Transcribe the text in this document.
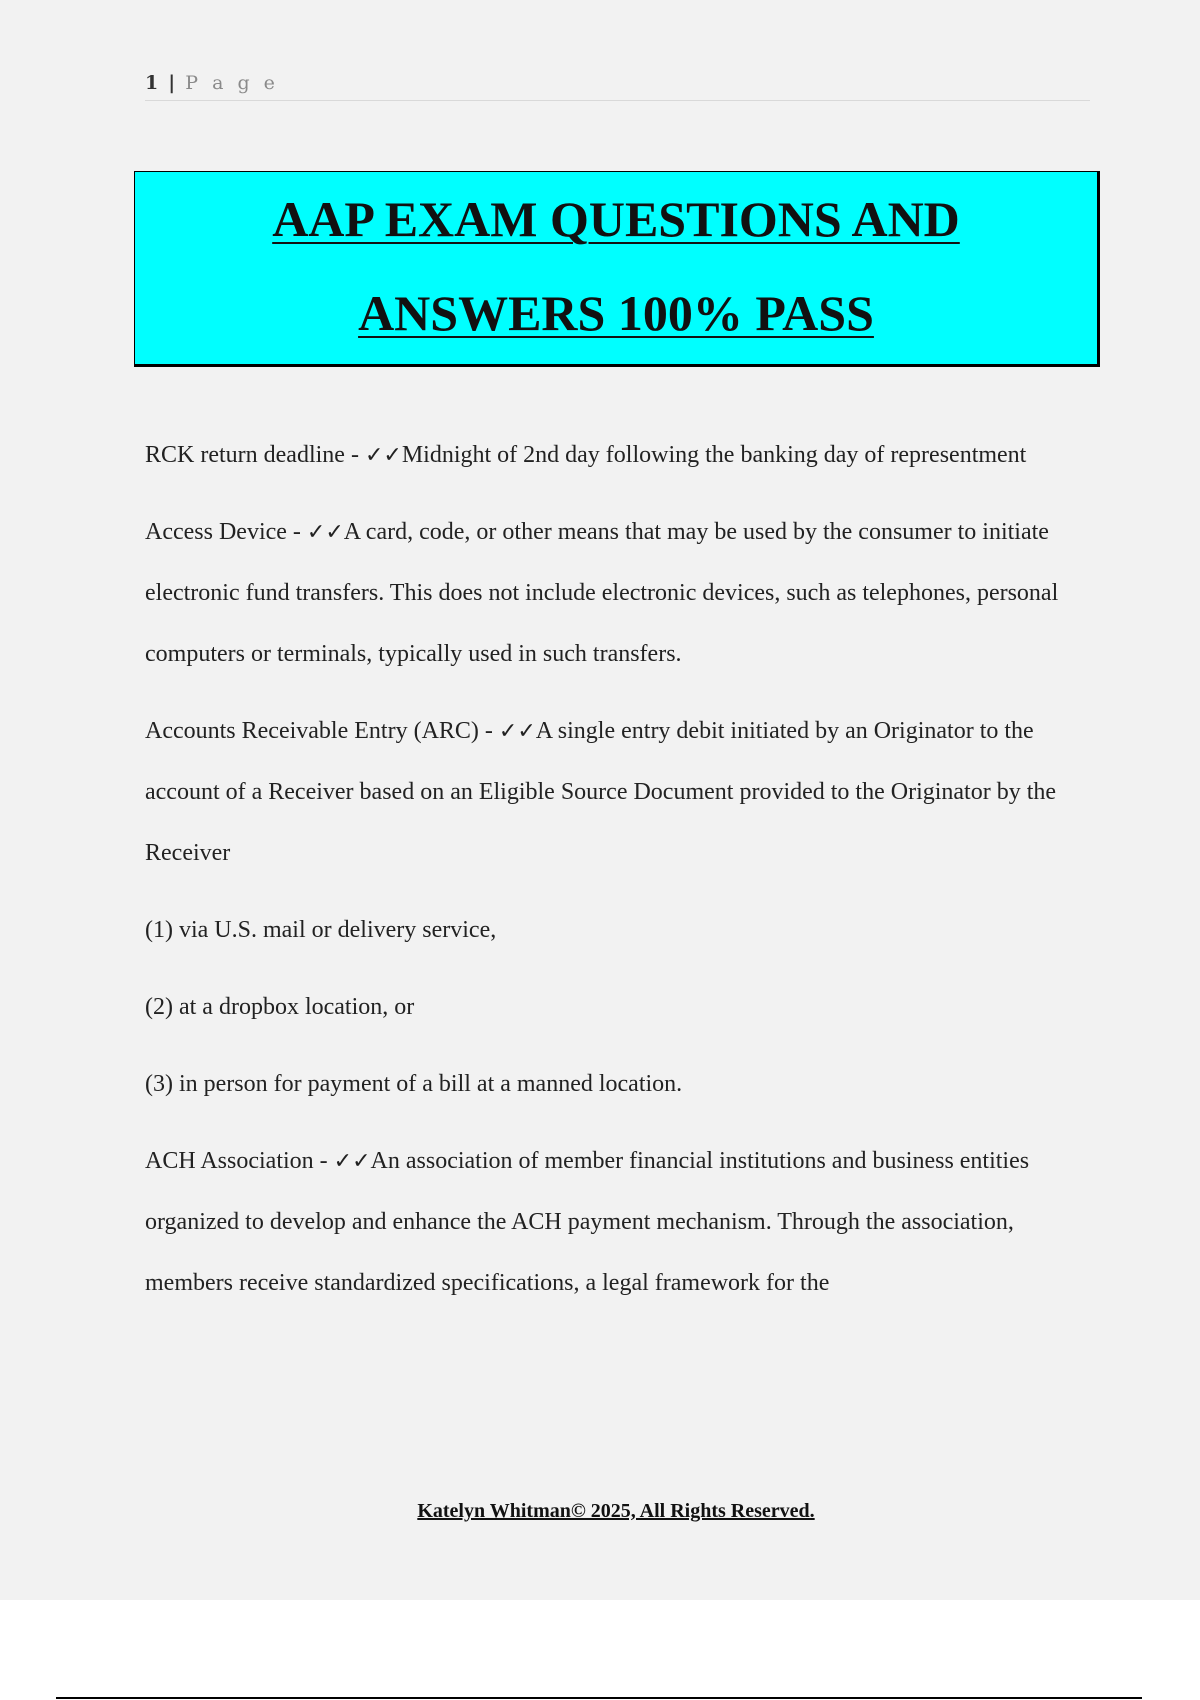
1 | P a g e
AAP EXAM QUESTIONS AND
ANSWERS 100% PASS
RCK return deadline - ✓✓Midnight of 2nd day following the banking day of representment
Access Device - ✓✓A card, code, or other means that may be used by the consumer to initiate electronic fund transfers. This does not include electronic devices, such as telephones, personal computers or terminals, typically used in such transfers.
Accounts Receivable Entry (ARC) - ✓✓A single entry debit initiated by an Originator to the account of a Receiver based on an Eligible Source Document provided to the Originator by the Receiver
(1) via U.S. mail or delivery service,
(2) at a dropbox location, or
(3) in person for payment of a bill at a manned location.
ACH Association - ✓✓An association of member financial institutions and business entities organized to develop and enhance the ACH payment mechanism. Through the association, members receive standardized specifications, a legal framework for the
Katelyn Whitman© 2025, All Rights Reserved.
